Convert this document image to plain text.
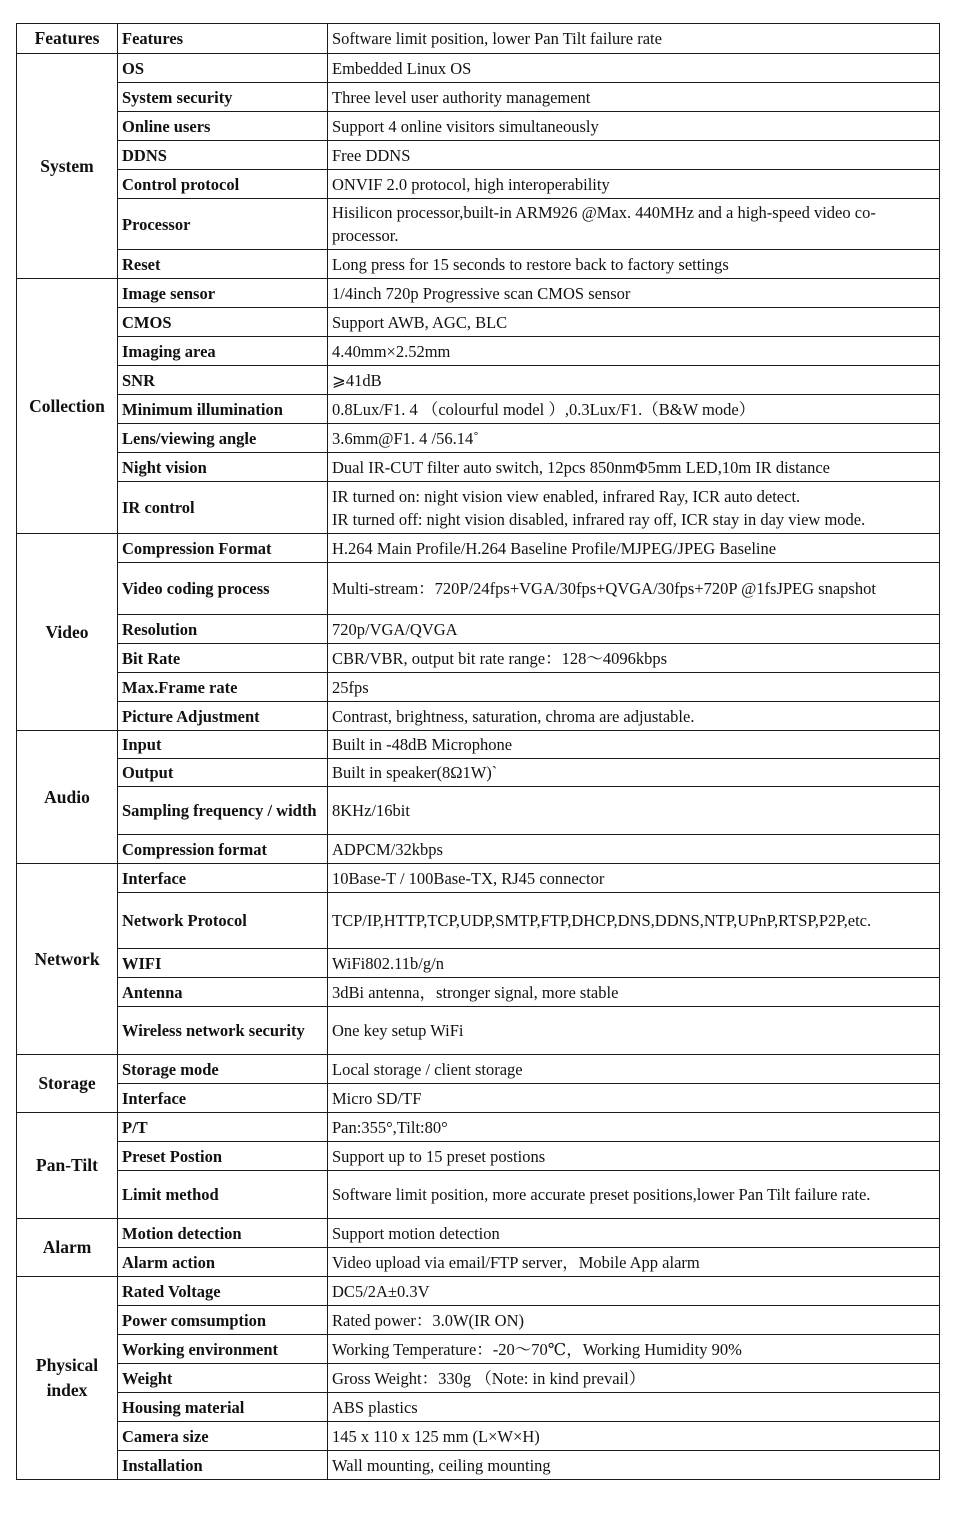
Features	Features	Software limit position, lower Pan Tilt failure rate
System	OS	Embedded Linux OS
	System security	Three level user authority management
	Online users	Support 4 online visitors simultaneously
	DDNS	Free DDNS
	Control protocol	ONVIF 2.0 protocol, high interoperability
	Processor	Hisilicon processor,built-in ARM926 @Max. 440MHz and a high-speed video co-processor.
	Reset	Long press for 15 seconds to restore back to factory settings
Collection	Image sensor	1/4inch 720p Progressive scan CMOS sensor
	CMOS	Support AWB, AGC, BLC
	Imaging area	4.40mm×2.52mm
	SNR	⩾41dB
	Minimum illumination	0.8Lux/F1. 4 （colourful model ）,0.3Lux/F1.（B&W mode）
	Lens/viewing angle	3.6mm@F1. 4 /56.14˚
	Night vision	Dual IR-CUT filter auto switch, 12pcs 850nmΦ5mm LED,10m IR distance
	IR control	IR turned on: night vision view enabled, infrared Ray, ICR auto detect.
IR turned off: night vision disabled, infrared ray off, ICR stay in day view mode.

Video	Compression Format	H.264 Main Profile/H.264 Baseline Profile/MJPEG/JPEG Baseline
	Video coding process	Multi-stream：720P/24fps+VGA/30fps+QVGA/30fps+720P @1fsJPEG snapshot
	Resolution	720p/VGA/QVGA
	Bit Rate	CBR/VBR, output bit rate range：128～4096kbps
	Max.Frame rate	25fps
	Picture Adjustment	Contrast, brightness, saturation, chroma are adjustable.
Audio	Input	Built in -48dB Microphone
	Output	Built in speaker(8Ω1W)`
	Sampling frequency / width	8KHz/16bit
	Compression format	ADPCM/32kbps
Network	Interface	10Base-T / 100Base-TX, RJ45 connector
	Network Protocol	TCP/IP,HTTP,TCP,UDP,SMTP,FTP,DHCP,DNS,DDNS,NTP,UPnP,RTSP,P2P,etc.
	WIFI	WiFi802.11b/g/n
	Antenna	3dBi antenna，stronger signal, more stable
	Wireless network security	One key setup WiFi
Storage	Storage mode	Local storage / client storage
	Interface	Micro SD/TF
Pan-Tilt	P/T	Pan:355°,Tilt:80°
	Preset Postion	Support up to 15 preset postions
	Limit method	Software limit position, more accurate preset positions,lower Pan Tilt failure rate.
Alarm	Motion detection	Support motion detection
	Alarm action	Video upload via email/FTP server，Mobile App alarm
Physical index	Rated Voltage	DC5/2A±0.3V
	Power comsumption	Rated power：3.0W(IR ON)
	Working environment	Working Temperature：-20～70℃，Working Humidity 90%
	Weight	Gross Weight：330g （Note: in kind prevail）
	Housing material	ABS plastics
	Camera size	145 x 110 x 125 mm (L×W×H)
	Installation	Wall mounting, ceiling mounting
